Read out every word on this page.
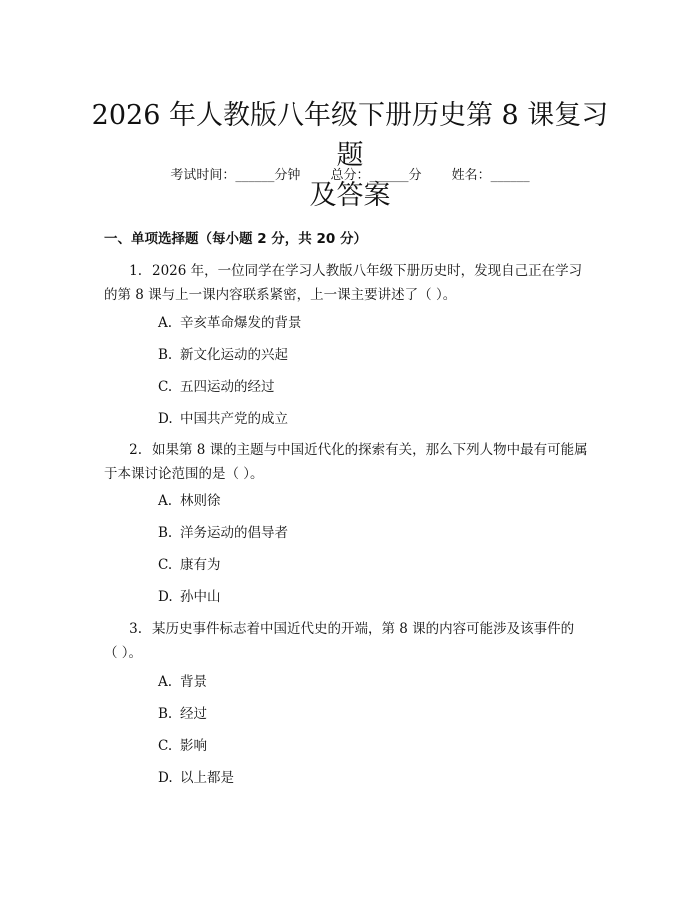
2026 年人教版八年级下册历史第 8 课复习题
及答案
考试时间：______分钟 总分：______分 姓名：______
一、单项选择题（每小题 2 分，共 20 分）
1. 2026 年，一位同学在学习人教版八年级下册历史时，发现自己正在学习
的第 8 课与上一课内容联系紧密，上一课主要讲述了（ ）。
A. 辛亥革命爆发的背景
B. 新文化运动的兴起
C. 五四运动的经过
D. 中国共产党的成立
2. 如果第 8 课的主题与中国近代化的探索有关，那么下列人物中最有可能属
于本课讨论范围的是（ ）。
A. 林则徐
B. 洋务运动的倡导者
C. 康有为
D. 孙中山
3. 某历史事件标志着中国近代史的开端，第 8 课的内容可能涉及该事件的
（ ）。
A. 背景
B. 经过
C. 影响
D. 以上都是
